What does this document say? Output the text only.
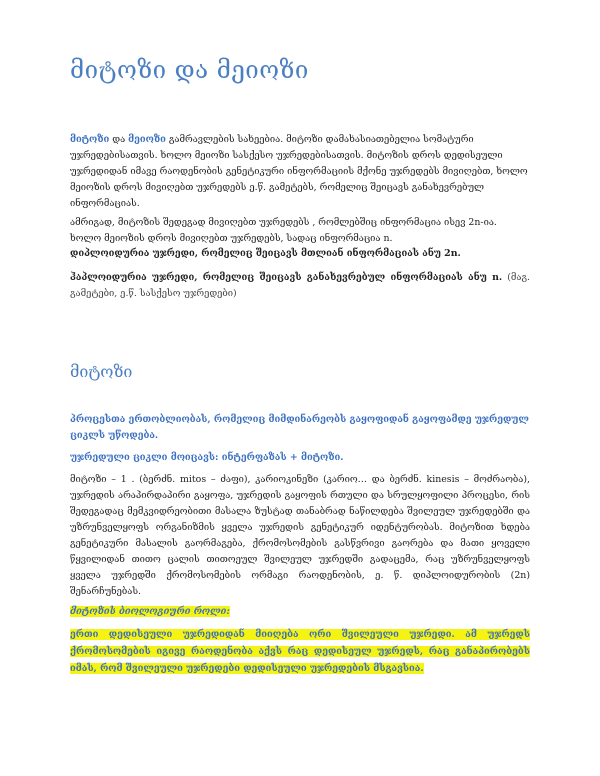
მიტოზი და მეიოზი

მიტოზი და მეიოზი გამრავლების სახეებია. მიტოზი დამახასიათებელია სომატური უჯრედებისათვის. ხოლო მეიოზი სასქესო უჯრედებისათვის. მიტოზის დროს დედისეული უჯრედიდან იმავე რაოდენობის გენეტიკური ინფორმაციის მქონე უჯრედებს მივიღებთ, ხოლო მეიოზის დროს მივიღებთ უჯრედებს ე.წ. გამეტებს, რომელიც შეიცავს განახევრებულ ინფორმაციას.

ამრიგად, მიტოზის შედეგად მივიღებთ უჯრედებს , რომლებშიც ინფორმაცია ისევ 2n-ია. ხოლო მეიოზის დროს მივიღებთ უჯრედებს, სადაც ინფორმაცია n.

დიპლოიდურია უჯრედი, რომელიც შეიცავს მთლიან ინფორმაციას ანუ 2n.

ჰაპლოიდურია უჯრედი, რომელიც შეიცავს განახევრებულ ინფორმაციას ანუ n. (მაგ. გამეტები, ე.წ. სასქესო უჯრედები)

მიტოზი

პროცესთა ერთობლიობას, რომელიც მიმდინარეობს გაყოფიდან გაყოფამდე უჯრედულ ციკლს უწოდება.

უჯრედული ციკლი მოიცავს: ინტერფაზას + მიტოზი.

მიტოზი – 1 . (ბერძნ. mitos – ძაფი), კარიოკინეზი (კარიო… და ბერძნ. kinesis – მოძრაობა), უჯრედის არაპირდაპირი გაყოფა, უჯრედის გაყოფის რთული და სრულყოფილი პროცესი, რის შედეგადაც მემკვიდრეობითი მასალა ზუსტად თანაბრად ნაწილდება შვილეულ უჯრედებში და უზრუნველყოფს ორგანიზმის ყველა უჯრედის გენეტიკურ იდენტურობას. მიტოზით ხდება გენეტიკური მასალის გაორმაგება, ქრომოსომების გასწვრივი გაორება და მათი ყოველი წყვილიდან თითო ცალის თითოეულ შვილეულ უჯრედში გადაცემა, რაც უზრუნველყოფს ყველა უჯრედში ქრომოსომების ორმაგი რაოდენობის, ე. წ. დიპლოიდურობის (2n) შენარჩუნებას.

მიტოზის ბიოლოგიური როლი:

ერთი დედისეული უჯრედიდან მიიღება ორი შვილეული უჯრედი. ამ უჯრედს ქრომოსომების იგივე რაოდენობა აქვს რაც დედისეულ უჯრედს, რაც განაპირობებს იმას, რომ შვილეული უჯრედები დედისეული უჯრედების მსგავსია.
